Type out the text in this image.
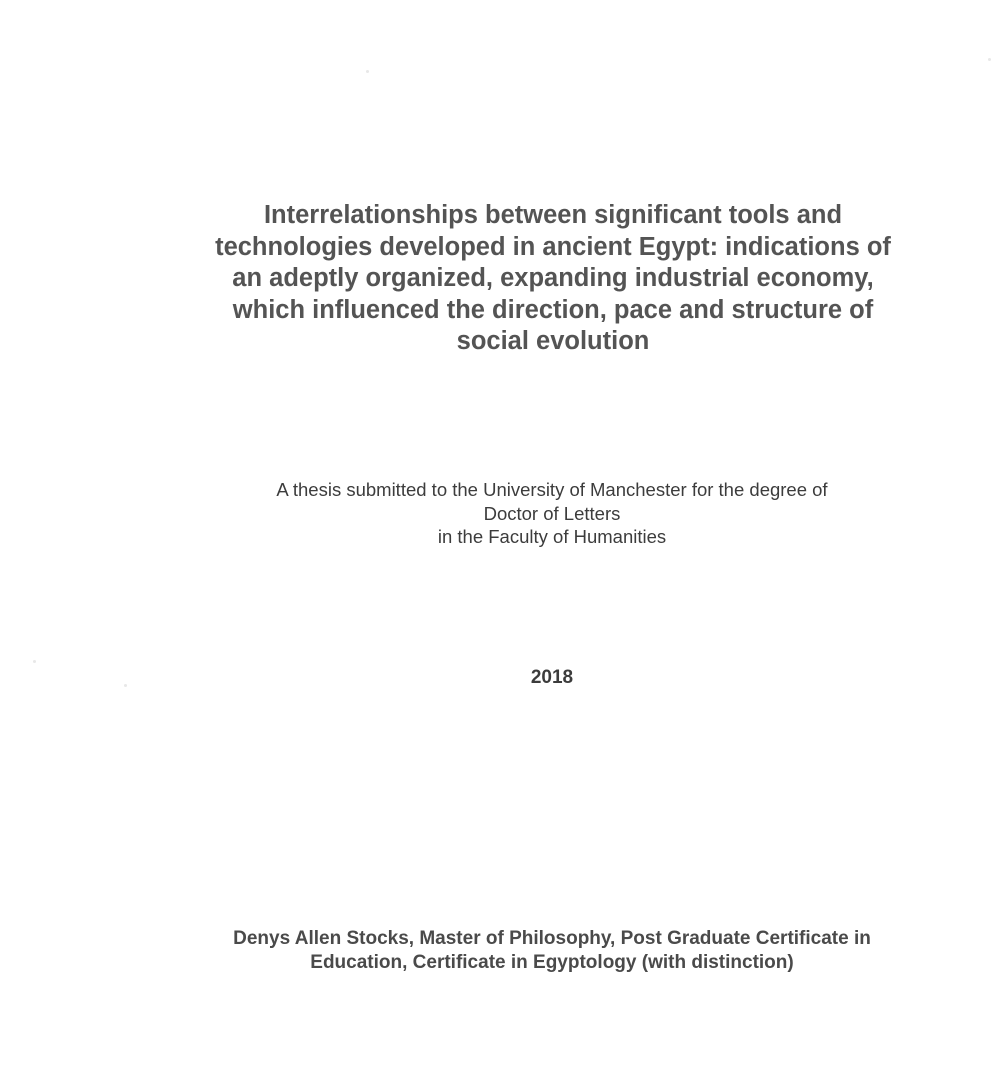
Interrelationships between significant tools and
technologies developed in ancient Egypt: indications of
an adeptly organized, expanding industrial economy,
which influenced the direction, pace and structure of
social evolution

A thesis submitted to the University of Manchester for the degree of
Doctor of Letters
in the Faculty of Humanities

2018

Denys Allen Stocks, Master of Philosophy, Post Graduate Certificate in
Education, Certificate in Egyptology (with distinction)
